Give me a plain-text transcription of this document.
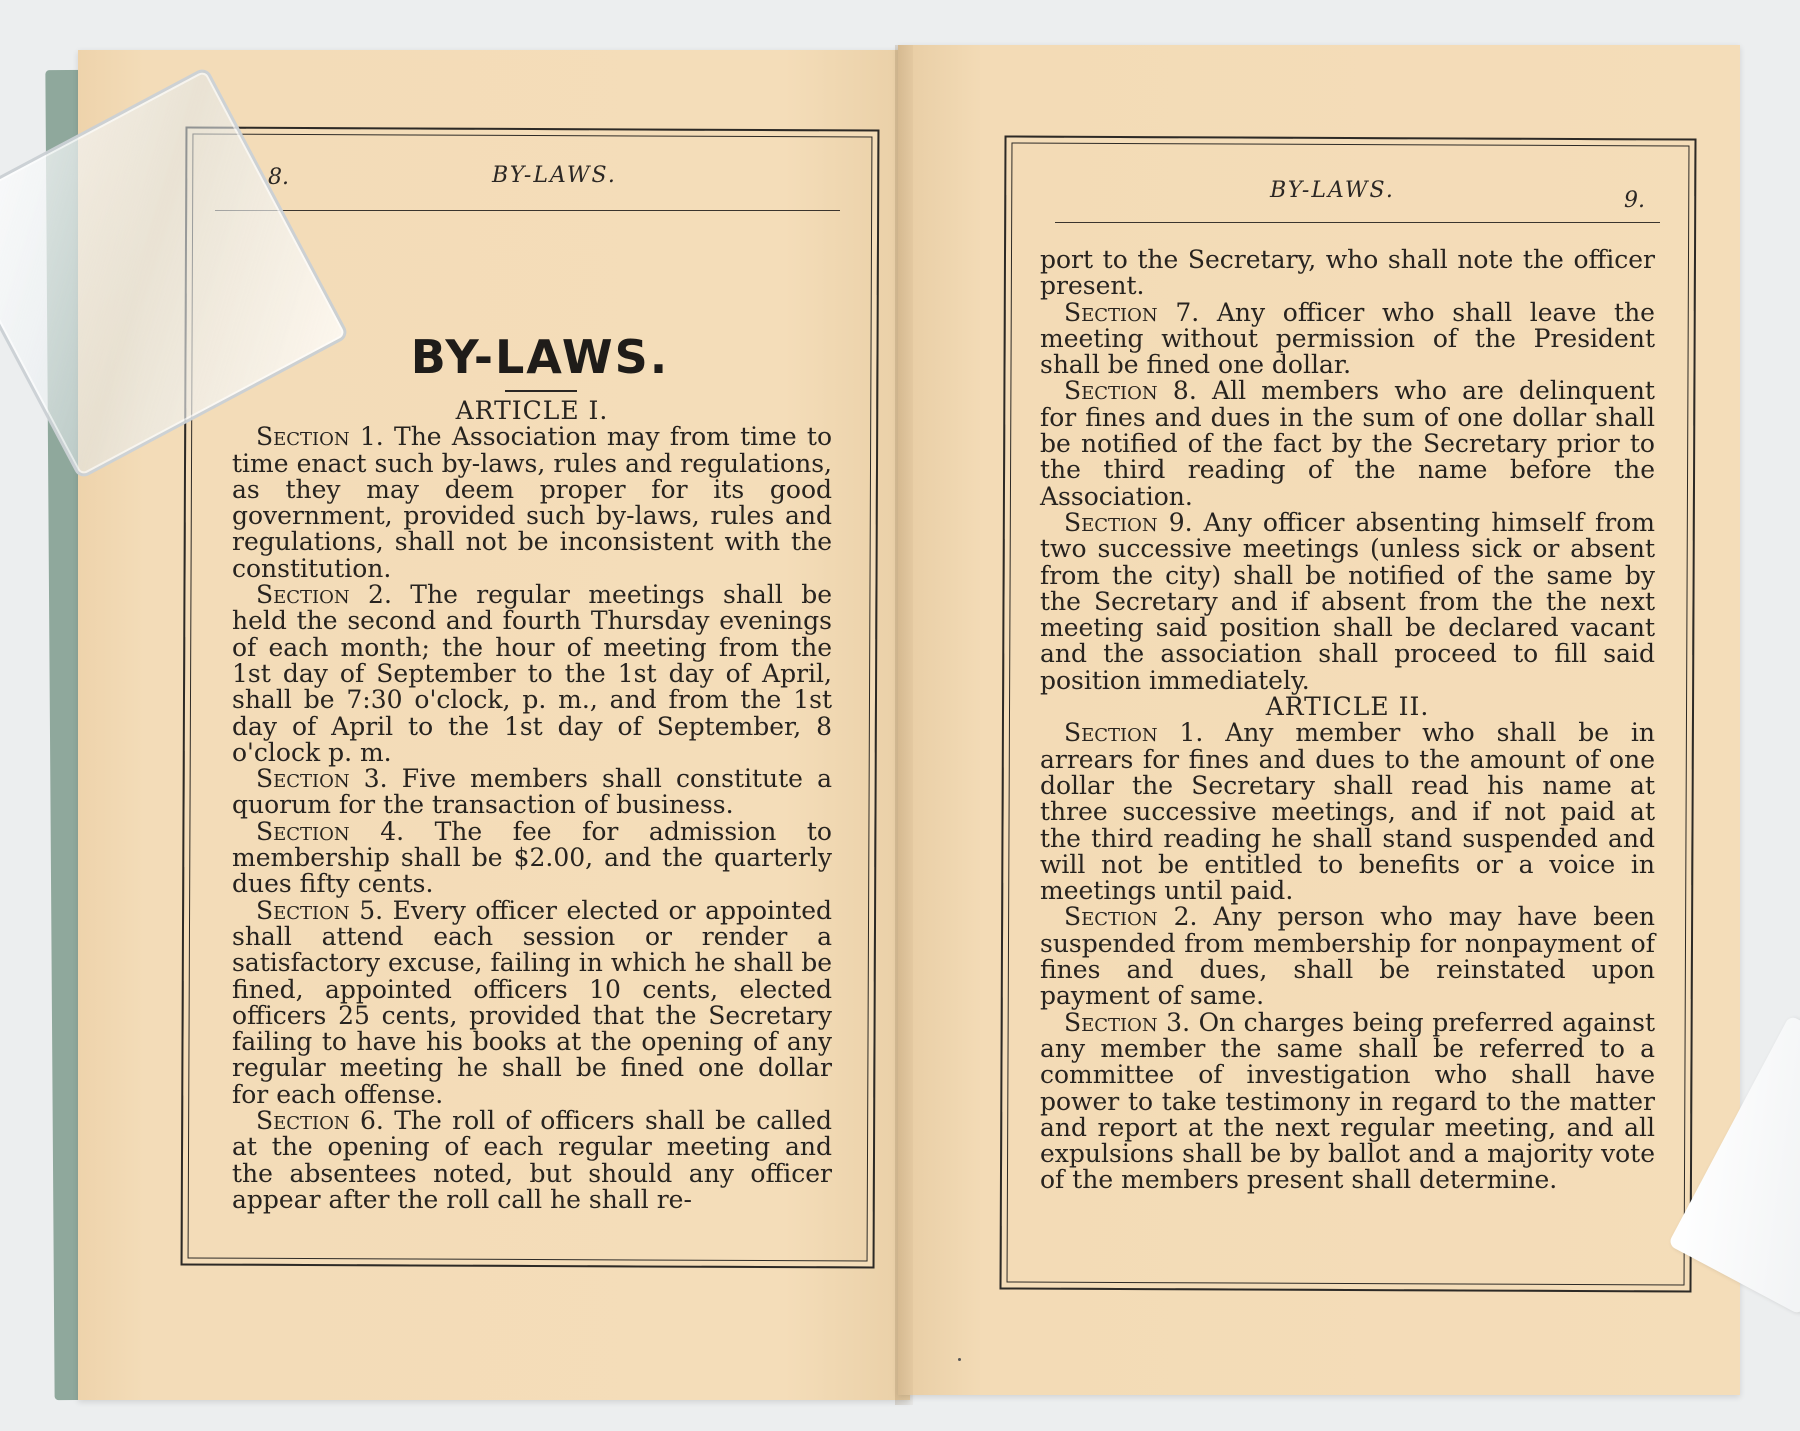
8.	BY-LAWS.
BY-LAWS.

ARTICLE I.

Section 1. The Association may from time to time enact such by-laws, rules and regulations, as they may deem proper for its good government, provided such by-laws, rules and regulations, shall not be inconsistent with the constitution.

Section 2. The regular meetings shall be held the second and fourth Thursday evenings of each month; the hour of meeting from the 1st day of September to the 1st day of April, shall be 7:30 o'clock, p. m., and from the 1st day of April to the 1st day of September, 8 o'clock p. m.

Section 3. Five members shall constitute a quorum for the transaction of business.

Section 4. The fee for admission to membership shall be $2.00, and the quarterly dues fifty cents.

Section 5. Every officer elected or appointed shall attend each session or render a satisfactory excuse, failing in which he shall be fined, appointed officers 10 cents, elected officers 25 cents, provided that the Secretary failing to have his books at the opening of any regular meeting he shall be fined one dollar for each offense.

Section 6. The roll of officers shall be called at the opening of each regular meeting and the absentees noted, but should any officer appear after the roll call he shall re-

BY-LAWS.	9.

port to the Secretary, who shall note the officer present.

Section 7. Any officer who shall leave the meeting without permission of the President shall be fined one dollar.

Section 8. All members who are delinquent for fines and dues in the sum of one dollar shall be notified of the fact by the Secretary prior to the third reading of the name before the Association.

Section 9. Any officer absenting himself from two successive meetings (unless sick or absent from the city) shall be notified of the same by the Secretary and if absent from the the next meeting said position shall be declared vacant and the association shall proceed to fill said position immediately.

ARTICLE II.

Section 1. Any member who shall be in arrears for fines and dues to the amount of one dollar the Secretary shall read his name at three successive meetings, and if not paid at the third reading he shall stand suspended and will not be entitled to benefits or a voice in meetings until paid.

Section 2. Any person who may have been suspended from membership for nonpayment of fines and dues, shall be reinstated upon payment of same.

Section 3. On charges being preferred against any member the same shall be referred to a committee of investigation who shall have power to take testimony in regard to the matter and report at the next regular meeting, and all expulsions shall be by ballot and a majority vote of the members present shall determine.
